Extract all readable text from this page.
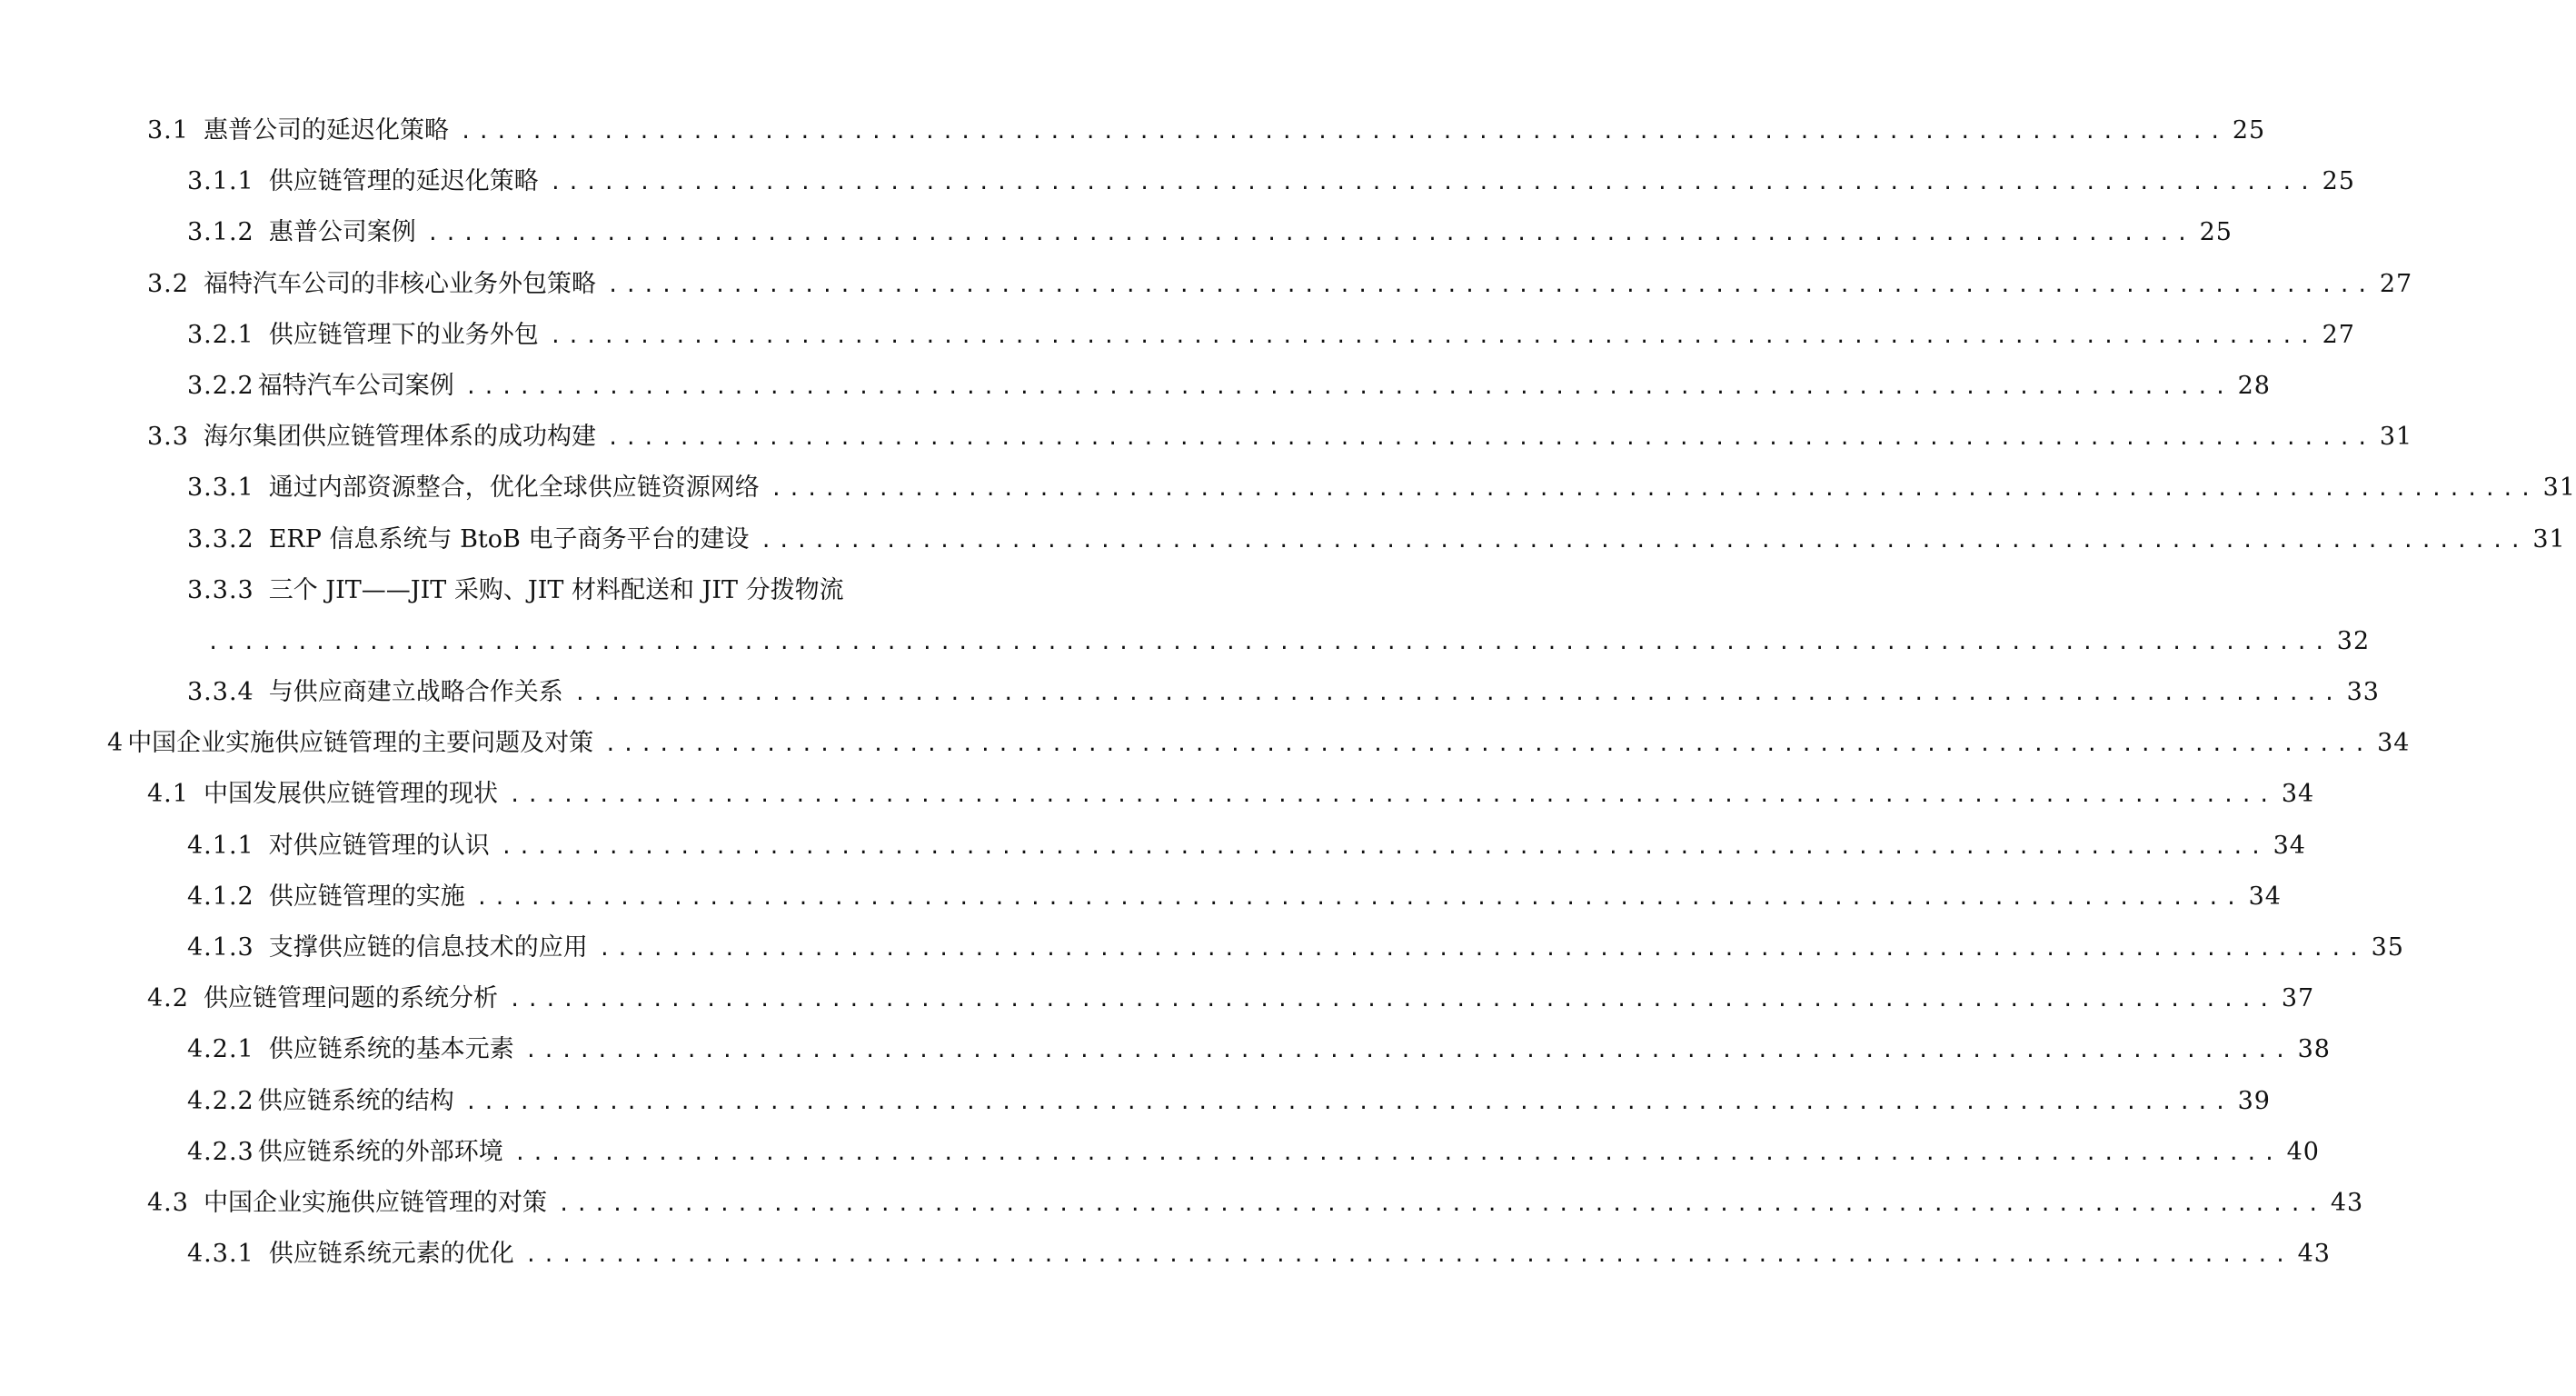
3.1 惠普公司的延迟化策略 ................................................................................................... 25
3.1.1 供应链管理的延迟化策略 ................................................................................................... 25
3.1.2 惠普公司案例 ................................................................................................... 25
3.2 福特汽车公司的非核心业务外包策略 ................................................................................................... 27
3.2.1 供应链管理下的业务外包 ................................................................................................... 27
3.2.2 福特汽车公司案例 ................................................................................................... 28
3.3 海尔集团供应链管理体系的成功构建 ................................................................................................... 31
3.3.1 通过内部资源整合，优化全球供应链资源网络 ................................................................................................... 31
3.3.2 ERP 信息系统与 BtoB 电子商务平台的建设 ................................................................................................... 31
3.3.3 三个 JIT——JIT 采购、JIT 材料配送和 JIT 分拨物流
....................................................................................................................... 32
3.3.4 与供应商建立战略合作关系 ................................................................................................... 33
4 中国企业实施供应链管理的主要问题及对策 ................................................................................................... 34
4.1 中国发展供应链管理的现状 ................................................................................................... 34
4.1.1 对供应链管理的认识 ................................................................................................... 34
4.1.2 供应链管理的实施 ................................................................................................... 34
4.1.3 支撑供应链的信息技术的应用 ................................................................................................... 35
4.2 供应链管理问题的系统分析 ................................................................................................... 37
4.2.1 供应链系统的基本元素 ................................................................................................... 38
4.2.2 供应链系统的结构 ................................................................................................... 39
4.2.3 供应链系统的外部环境 ................................................................................................... 40
4.3 中国企业实施供应链管理的对策 ................................................................................................... 43
4.3.1 供应链系统元素的优化 ................................................................................................... 43
